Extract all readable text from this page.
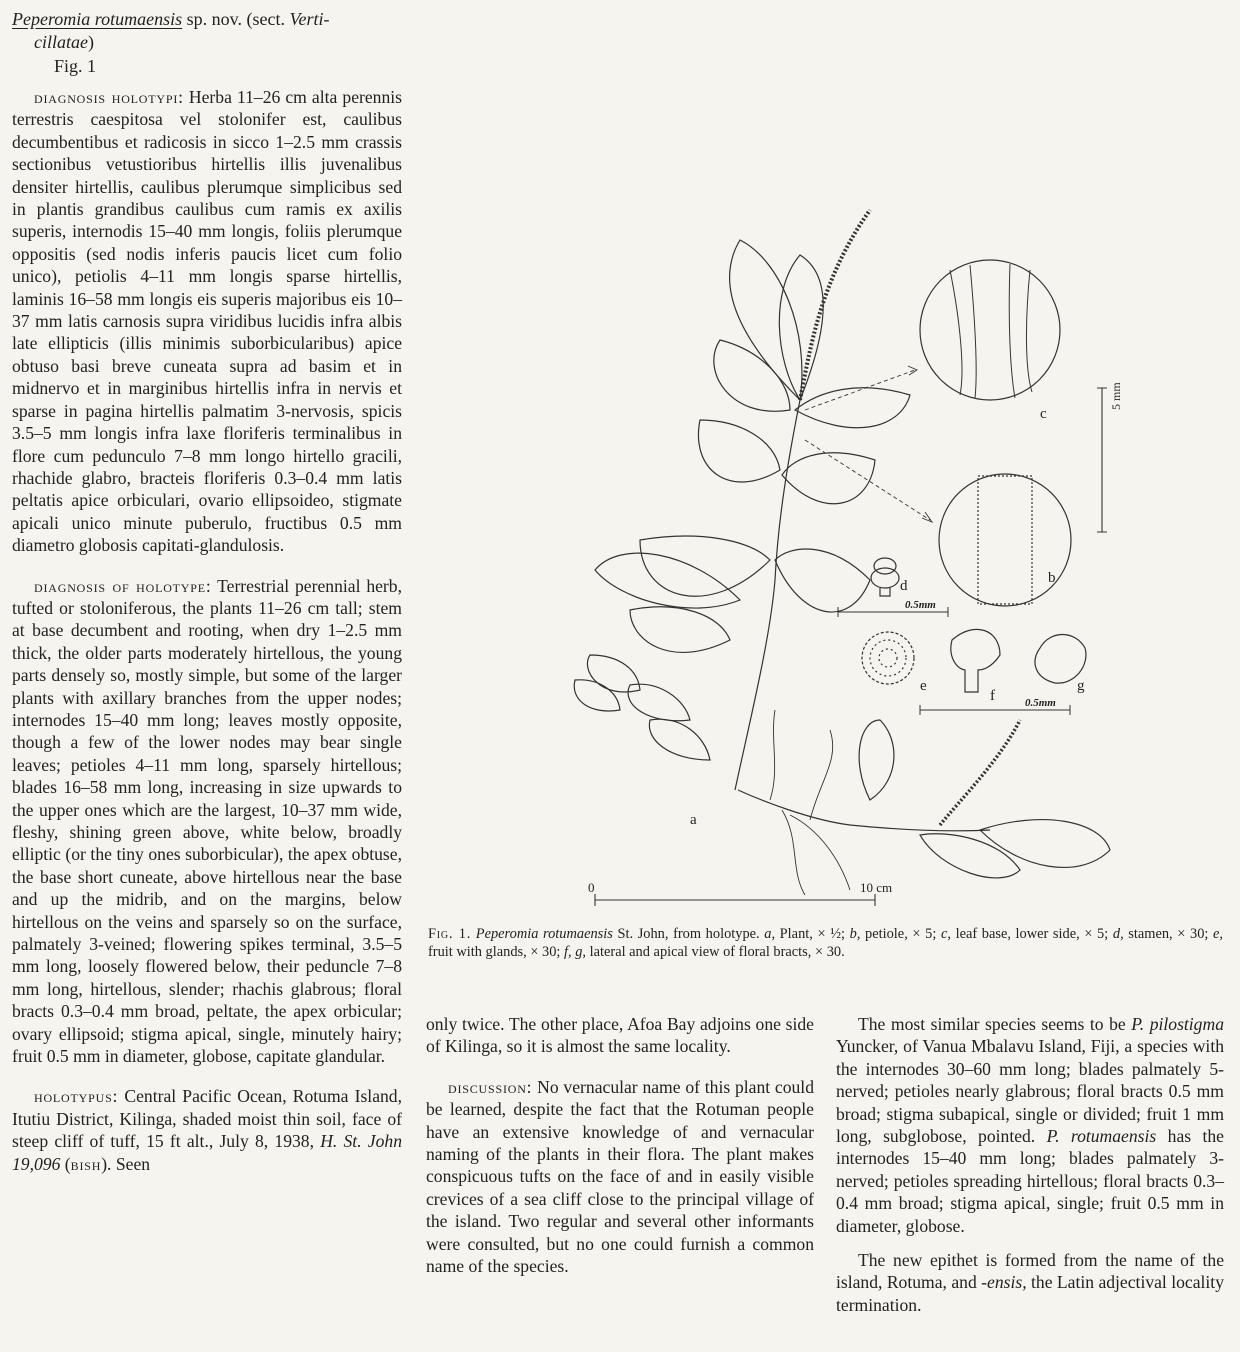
Peperomia rotumaensis sp. nov. (sect. Verti-
cillatae)
Fig. 1

diagnosis holotypi: Herba 11–26 cm alta perennis terrestris caespitosa vel stolonifer est, caulibus decumbentibus et radicosis in sicco 1–2.5 mm crassis sectionibus vetustioribus hirtellis illis juvenalibus densiter hirtellis, caulibus plerumque simplicibus sed in plantis grandibus caulibus cum ramis ex axilis superis, internodis 15–40 mm longis, foliis plerumque oppositis (sed nodis inferis paucis licet cum folio unico), petiolis 4–11 mm longis sparse hirtellis, laminis 16–58 mm longis eis superis majoribus eis 10–37 mm latis carnosis supra viridibus lucidis infra albis late ellipticis (illis minimis suborbicularibus) apice obtuso basi breve cuneata supra ad basim et in midnervo et in marginibus hirtellis infra in nervis et sparse in pagina hirtellis palmatim 3-nervosis, spicis 3.5–5 mm longis infra laxe floriferis terminalibus in flore cum pedunculo 7–8 mm longo hirtello gracili, rhachide glabro, bracteis floriferis 0.3–0.4 mm latis peltatis apice orbiculari, ovario ellipsoideo, stigmate apicali unico minute puberulo, fructibus 0.5 mm diametro globosis capitati-glandulosis.

diagnosis of holotype: Terrestrial perennial herb, tufted or stoloniferous, the plants 11–26 cm tall; stem at base decumbent and rooting, when dry 1–2.5 mm thick, the older parts moderately hirtellous, the young parts densely so, mostly simple, but some of the larger plants with axillary branches from the upper nodes; internodes 15–40 mm long; leaves mostly opposite, though a few of the lower nodes may bear single leaves; petioles 4–11 mm long, sparsely hirtellous; blades 16–58 mm long, increasing in size upwards to the upper ones which are the largest, 10–37 mm wide, fleshy, shining green above, white below, broadly elliptic (or the tiny ones suborbicular), the apex obtuse, the base short cuneate, above hirtellous near the base and up the midrib, and on the margins, below hirtellous on the veins and sparsely so on the surface, palmately 3-veined; flowering spikes terminal, 3.5–5 mm long, loosely flowered below, their peduncle 7–8 mm long, hirtellous, slender; rhachis glabrous; floral bracts 0.3–0.4 mm broad, peltate, the apex orbicular; ovary ellipsoid; stigma apical, single, minutely hairy; fruit 0.5 mm in diameter, globose, capitate glandular.

holotypus: Central Pacific Ocean, Rotuma Island, Itutiu District, Kilinga, shaded moist thin soil, face of steep cliff of tuff, 15 ft alt., July 8, 1938, H. St. John 19,096 (bish). Seen

a
b
c
d
e
f
g
0	10 cm
5 mm
0.5mm
0.5mm
Fig. 1. Peperomia rotumaensis St. John, from holotype. a, Plant, × ½; b, petiole, × 5; c, leaf base, lower side, × 5; d, stamen, × 30; e, fruit with glands, × 30; f, g, lateral and apical view of floral bracts, × 30.

only twice. The other place, Afoa Bay adjoins one side of Kilinga, so it is almost the same locality.

discussion: No vernacular name of this plant could be learned, despite the fact that the Rotuman people have an extensive knowledge of and vernacular naming of the plants in their flora. The plant makes conspicuous tufts on the face of and in easily visible crevices of a sea cliff close to the principal village of the island. Two regular and several other informants were consulted, but no one could furnish a common name of the species.

The most similar species seems to be P. pilostigma Yuncker, of Vanua Mbalavu Island, Fiji, a species with the internodes 30–60 mm long; blades palmately 5-nerved; petioles nearly glabrous; floral bracts 0.5 mm broad; stigma subapical, single or divided; fruit 1 mm long, subglobose, pointed. P. rotumaensis has the internodes 15–40 mm long; blades palmately 3-nerved; petioles spreading hirtellous; floral bracts 0.3–0.4 mm broad; stigma apical, single; fruit 0.5 mm in diameter, globose.

The new epithet is formed from the name of the island, Rotuma, and -ensis, the Latin adjectival locality termination.
